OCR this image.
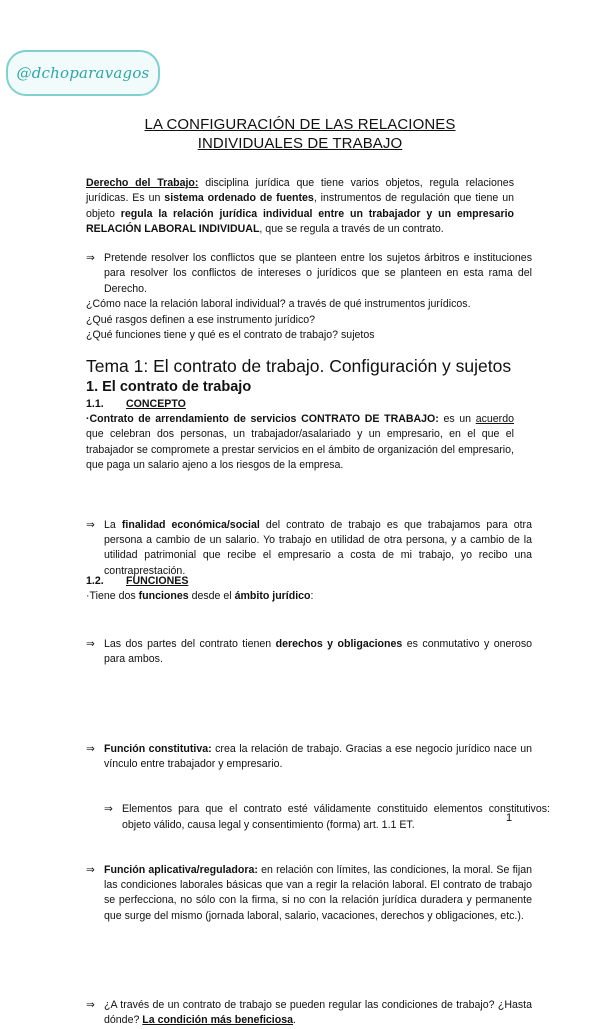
@dchoparavagos
LA CONFIGURACIÓN DE LAS RELACIONES
INDIVIDUALES DE TRABAJO
Derecho del Trabajo: disciplina jurídica que tiene varios objetos, regula relaciones jurídicas. Es un sistema ordenado de fuentes, instrumentos de regulación que tiene un objeto regula la relación jurídica individual entre un trabajador y un empresario RELACIÓN LABORAL INDIVIDUAL, que se regula a través de un contrato.
⇒ Pretende resolver los conflictos que se planteen entre los sujetos árbitros e instituciones para resolver los conflictos de intereses o jurídicos que se planteen en esta rama del Derecho.
¿Cómo nace la relación laboral individual? a través de qué instrumentos jurídicos.
¿Qué rasgos definen a ese instrumento jurídico?
¿Qué funciones tiene y qué es el contrato de trabajo? sujetos
Tema 1: El contrato de trabajo. Configuración y sujetos
1. El contrato de trabajo
1.1. CONCEPTO
·Contrato de arrendamiento de servicios CONTRATO DE TRABAJO: es un acuerdo que celebran dos personas, un trabajador/asalariado y un empresario, en el que el trabajador se compromete a prestar servicios en el ámbito de organización del empresario, que paga un salario ajeno a los riesgos de la empresa.
⇒ La finalidad económica/social del contrato de trabajo es que trabajamos para otra persona a cambio de un salario. Yo trabajo en utilidad de otra persona, y a cambio de la utilidad patrimonial que recibe el empresario a costa de mi trabajo, yo recibo una contraprestación.
⇒ Las dos partes del contrato tienen derechos y obligaciones es conmutativo y oneroso para ambos.
1.2. FUNCIONES
·Tiene dos funciones desde el ámbito jurídico:
⇒ Función constitutiva: crea la relación de trabajo. Gracias a ese negocio jurídico nace un vínculo entre trabajador y empresario.
⇒ Elementos para que el contrato esté válidamente constituido elementos constitutivos: objeto válido, causa legal y consentimiento (forma) art. 1.1 ET.
⇒ Función aplicativa/reguladora: en relación con límites, las condiciones, la moral. Se fijan las condiciones laborales básicas que van a regir la relación laboral. El contrato de trabajo se perfecciona, no sólo con la firma, si no con la relación jurídica duradera y permanente que surge del mismo (jornada laboral, salario, vacaciones, derechos y obligaciones, etc.).
⇒ ¿A través de un contrato de trabajo se pueden regular las condiciones de trabajo? ¿Hasta dónde? La condición más beneficiosa.
1
